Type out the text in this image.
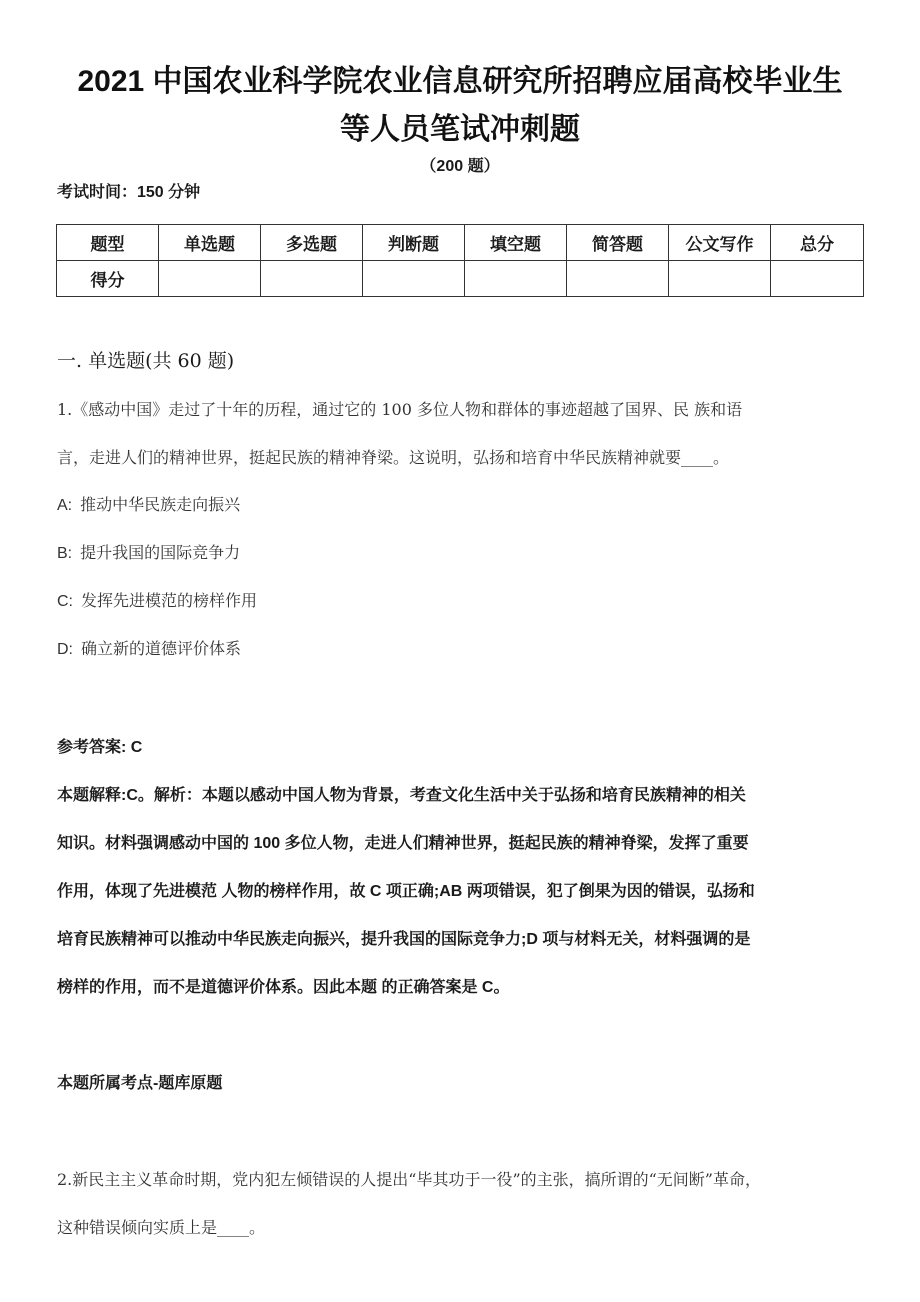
2021 中国农业科学院农业信息研究所招聘应届高校毕业生
等人员笔试冲刺题
（200 题）
考试时间：150 分钟
题型	单选题	多选题	判断题	填空题	简答题	公文写作	总分
得分							
一. 单选题(共 60 题)
1.《感动中国》走过了十年的历程，通过它的 100 多位人物和群体的事迹超越了国界、民 族和语
言，走进人们的精神世界，挺起民族的精神脊梁。这说明，弘扬和培育中华民族精神就要____。
A: 推动中华民族走向振兴
B: 提升我国的国际竞争力
C: 发挥先进模范的榜样作用
D: 确立新的道德评价体系
参考答案: C
本题解释:C。解析：本题以感动中国人物为背景，考查文化生活中关于弘扬和培育民族精神的相关
知识。材料强调感动中国的 100 多位人物，走进人们精神世界，挺起民族的精神脊梁，发挥了重要
作用，体现了先进模范 人物的榜样作用，故 C 项正确;AB 两项错误，犯了倒果为因的错误，弘扬和
培育民族精神可以推动中华民族走向振兴，提升我国的国际竞争力;D 项与材料无关，材料强调的是
榜样的作用，而不是道德评价体系。因此本题 的正确答案是 C。
本题所属考点-题库原题
2.新民主主义革命时期，党内犯左倾错误的人提出“毕其功于一役”的主张，搞所谓的“无间断”革命，
这种错误倾向实质上是____。
